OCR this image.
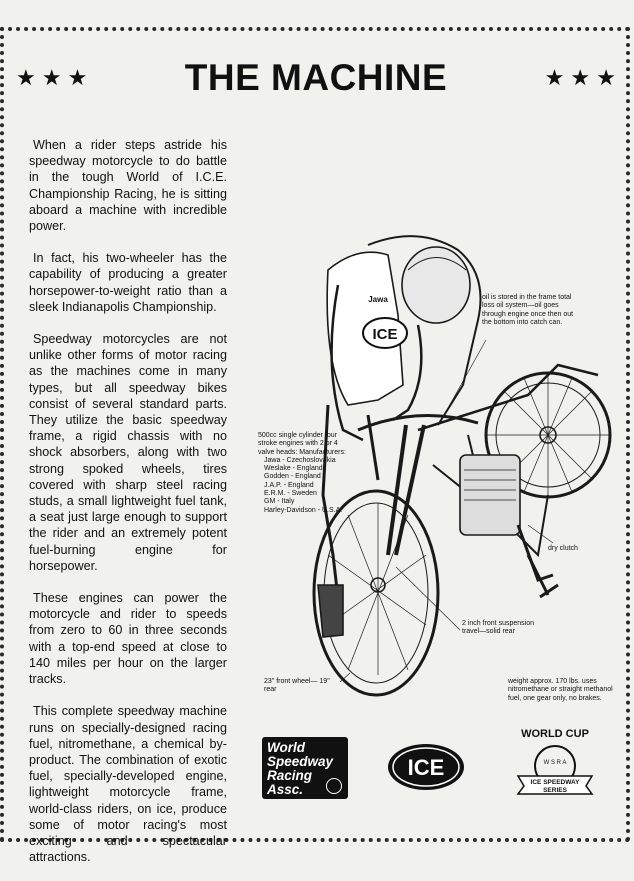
★ ★ ★	THE MACHINE	★ ★ ★

When a rider steps astride his speedway motorcycle to do battle in the tough World of I.C.E. Championship Racing, he is sitting aboard a machine with incredible power.

In fact, his two-wheeler has the capability of producing a greater horsepower-to-weight ratio than a sleek Indianapolis Championship.

Speedway motorcycles are not unlike other forms of motor racing as the machines come in many types, but all speedway bikes consist of several standard parts. They utilize the basic speedway frame, a rigid chassis with no shock absorbers, along with two strong spoked wheels, tires covered with sharp steel racing studs, a small lightweight fuel tank, a seat just large enough to support the rider and an extremely potent fuel-burning engine for horsepower.

These engines can power the motorcycle and rider to speeds from zero to 60 in three seconds with a top-end speed at close to 140 miles per hour on the larger tracks.

This complete speedway machine runs on specially-designed racing fuel, nitromethane, a chemical by-product. The combination of exotic fuel, specially-developed engine, lightweight motorcycle frame, world-class riders, on ice, produce some of motor racing's most exciting and spectacular attractions.

ICE
Jawa	oil is stored in the frame total loss oil system—oil goes through engine once then out the bottom into catch can.
500cc single cylinder four stroke engines with 2 or 4 valve heads: Manufacturers:
Jawa - Czechoslovakia
Weslake - England
Godden - England
J.A.P. - England
E.R.M. - Sweden
GM - Italy
Harley-Davidson - U.S.A.
dry clutch
2 inch front suspension travel—solid rear
23" front wheel— 19" rear
weight approx. 170 lbs. uses nitromethane or straight methanol fuel, one gear only, no brakes.
World
Speedway
Racing
Assc.
ICE
WORLD CUP
W S R A
ICE SPEEDWAY
SERIES
